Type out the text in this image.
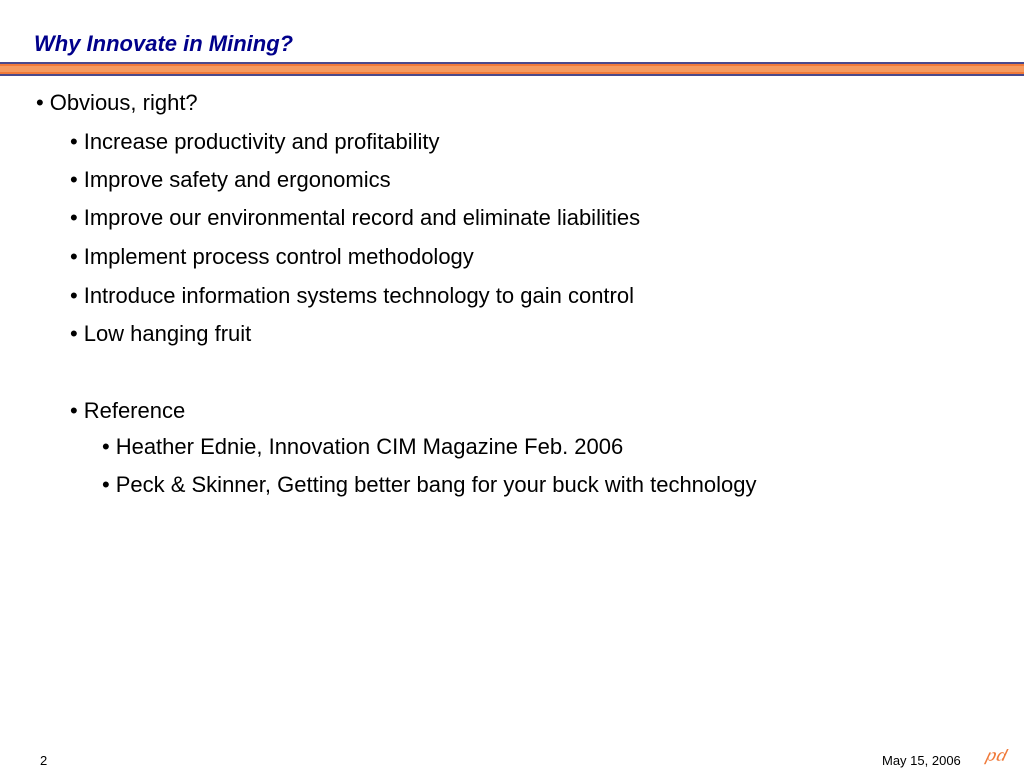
Why Innovate in Mining?
• Obvious, right?
• Increase productivity and profitability
• Improve safety and ergonomics
• Improve our environmental record and eliminate liabilities
• Implement process control methodology
• Introduce information systems technology to gain control
• Low hanging fruit
• Reference
• Heather Ednie, Innovation CIM Magazine Feb. 2006
• Peck & Skinner, Getting better bang for your buck with technology
2	May 15, 2006 pd
